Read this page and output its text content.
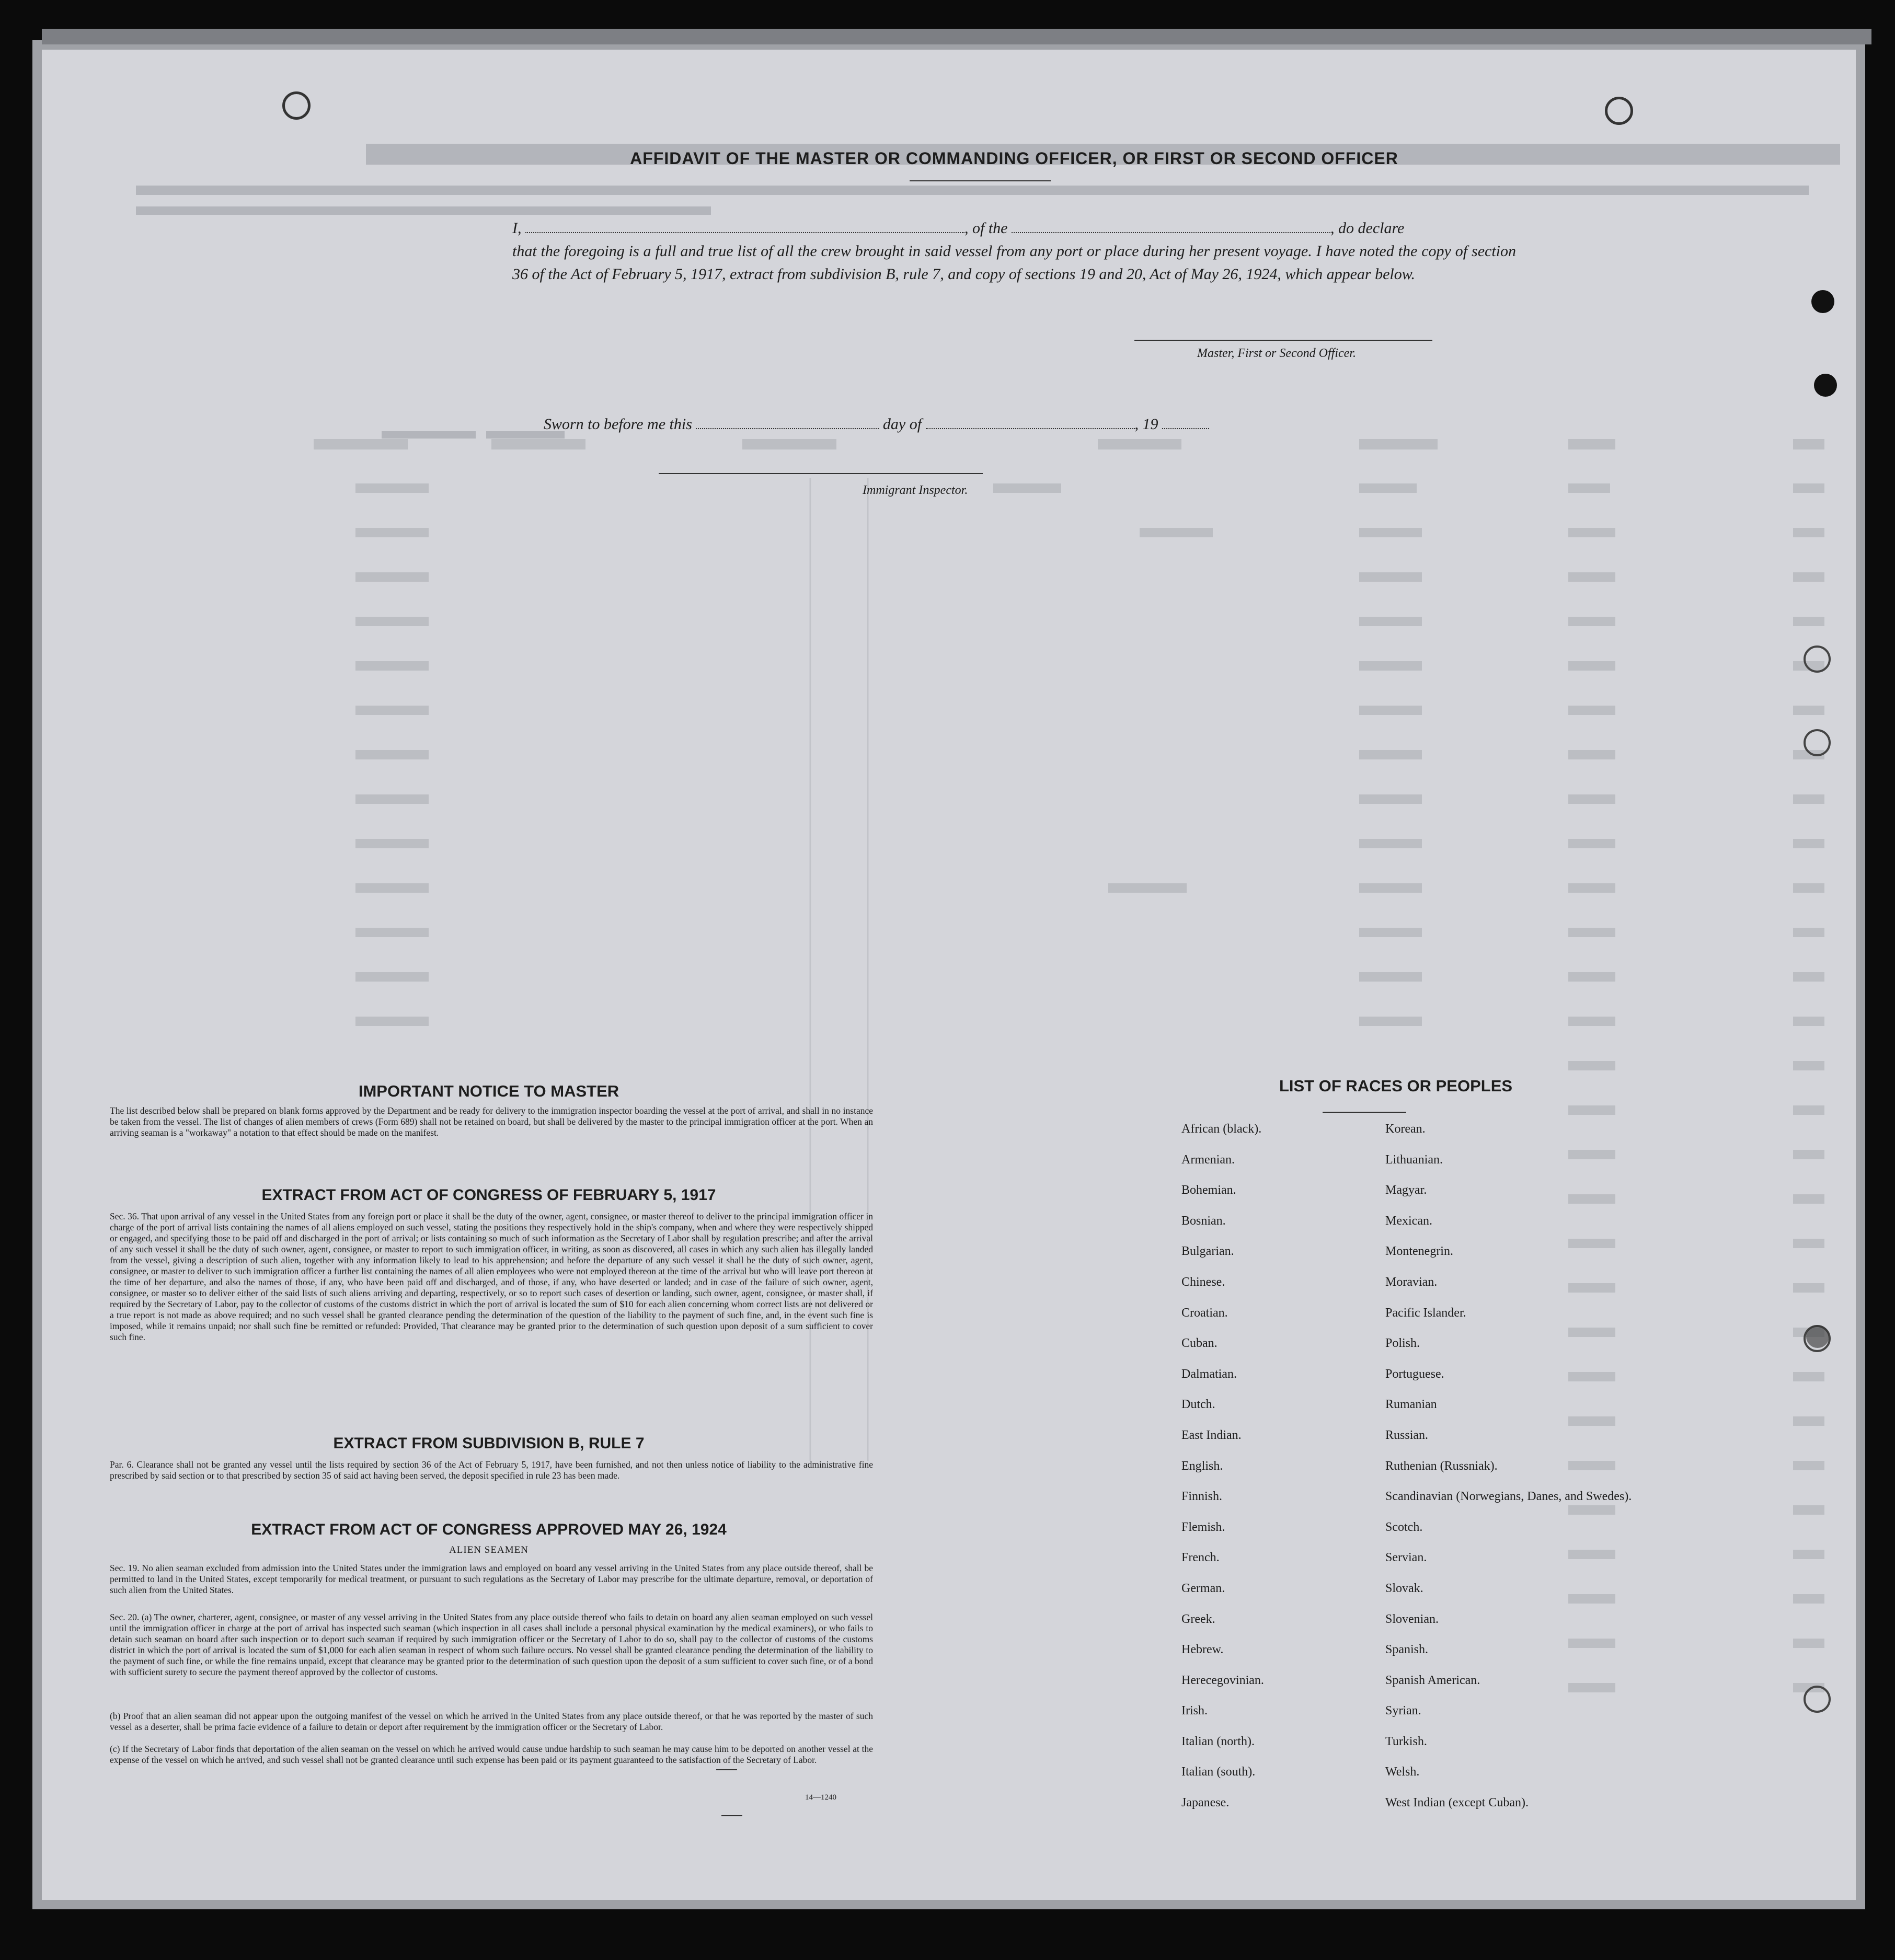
AFFIDAVIT OF THE MASTER OR COMMANDING OFFICER, OR FIRST OR SECOND OFFICER
I,	, of the	, do declare
that the foregoing is a full and true list of all the crew brought in said vessel from any port or place during her present voyage. I have noted the copy of section 36 of the Act of February 5, 1917, extract from subdivision B, rule 7, and copy of sections 19 and 20, Act of May 26, 1924, which appear below.
Master, First or Second Officer.
Sworn to before me this	day of	, 19
Immigrant Inspector.
IMPORTANT NOTICE TO MASTER
The list described below shall be prepared on blank forms approved by the Department and be ready for delivery to the immigration inspector boarding the vessel at the port of arrival, and shall in no instance be taken from the vessel. The list of changes of alien members of crews (Form 689) shall not be retained on board, but shall be delivered by the master to the principal immigration officer at the port. When an arriving seaman is a "workaway" a notation to that effect should be made on the manifest.
EXTRACT FROM ACT OF CONGRESS OF FEBRUARY 5, 1917
Sec. 36. That upon arrival of any vessel in the United States from any foreign port or place it shall be the duty of the owner, agent, consignee, or master thereof to deliver to the principal immigration officer in charge of the port of arrival lists containing the names of all aliens employed on such vessel, stating the positions they respectively hold in the ship's company, when and where they were respectively shipped or engaged, and specifying those to be paid off and discharged in the port of arrival; or lists containing so much of such information as the Secretary of Labor shall by regulation prescribe; and after the arrival of any such vessel it shall be the duty of such owner, agent, consignee, or master to report to such immigration officer, in writing, as soon as discovered, all cases in which any such alien has illegally landed from the vessel, giving a description of such alien, together with any information likely to lead to his apprehension; and before the departure of any such vessel it shall be the duty of such owner, agent, consignee, or master to deliver to such immigration officer a further list containing the names of all alien employees who were not employed thereon at the time of the arrival but who will leave port thereon at the time of her departure, and also the names of those, if any, who have been paid off and discharged, and of those, if any, who have deserted or landed; and in case of the failure of such owner, agent, consignee, or master so to deliver either of the said lists of such aliens arriving and departing, respectively, or so to report such cases of desertion or landing, such owner, agent, consignee, or master shall, if required by the Secretary of Labor, pay to the collector of customs of the customs district in which the port of arrival is located the sum of $10 for each alien concerning whom correct lists are not delivered or a true report is not made as above required; and no such vessel shall be granted clearance pending the determination of the question of the liability to the payment of such fine, and, in the event such fine is imposed, while it remains unpaid; nor shall such fine be remitted or refunded: Provided, That clearance may be granted prior to the determination of such question upon deposit of a sum sufficient to cover such fine.
EXTRACT FROM SUBDIVISION B, RULE 7
Par. 6. Clearance shall not be granted any vessel until the lists required by section 36 of the Act of February 5, 1917, have been furnished, and not then unless notice of liability to the administrative fine prescribed by said section or to that prescribed by section 35 of said act having been served, the deposit specified in rule 23 has been made.
EXTRACT FROM ACT OF CONGRESS APPROVED MAY 26, 1924
ALIEN SEAMEN
Sec. 19. No alien seaman excluded from admission into the United States under the immigration laws and employed on board any vessel arriving in the United States from any place outside thereof, shall be permitted to land in the United States, except temporarily for medical treatment, or pursuant to such regulations as the Secretary of Labor may prescribe for the ultimate departure, removal, or deportation of such alien from the United States.
Sec. 20. (a) The owner, charterer, agent, consignee, or master of any vessel arriving in the United States from any place outside thereof who fails to detain on board any alien seaman employed on such vessel until the immigration officer in charge at the port of arrival has inspected such seaman (which inspection in all cases shall include a personal physical examination by the medical examiners), or who fails to detain such seaman on board after such inspection or to deport such seaman if required by such immigration officer or the Secretary of Labor to do so, shall pay to the collector of customs of the customs district in which the port of arrival is located the sum of $1,000 for each alien seaman in respect of whom such failure occurs. No vessel shall be granted clearance pending the determination of the liability to the payment of such fine, or while the fine remains unpaid, except that clearance may be granted prior to the determination of such question upon the deposit of a sum sufficient to cover such fine, or of a bond with sufficient surety to secure the payment thereof approved by the collector of customs.
(b) Proof that an alien seaman did not appear upon the outgoing manifest of the vessel on which he arrived in the United States from any place outside thereof, or that he was reported by the master of such vessel as a deserter, shall be prima facie evidence of a failure to detain or deport after requirement by the immigration officer or the Secretary of Labor.
(c) If the Secretary of Labor finds that deportation of the alien seaman on the vessel on which he arrived would cause undue hardship to such seaman he may cause him to be deported on another vessel at the expense of the vessel on which he arrived, and such vessel shall not be granted clearance until such expense has been paid or its payment guaranteed to the satisfaction of the Secretary of Labor.
14—1240
LIST OF RACES OR PEOPLES
African (black).
Armenian.
Bohemian.
Bosnian.
Bulgarian.
Chinese.
Croatian.
Cuban.
Dalmatian.
Dutch.
East Indian.
English.
Finnish.
Flemish.
French.
German.
Greek.
Hebrew.
Herecegovinian.
Irish.
Italian (north).
Italian (south).
Japanese.
Korean.
Lithuanian.
Magyar.
Mexican.
Montenegrin.
Moravian.
Pacific Islander.
Polish.
Portuguese.
Rumanian
Russian.
Ruthenian (Russniak).
Scandinavian (Norwegians, Danes, and Swedes).
Scotch.
Servian.
Slovak.
Slovenian.
Spanish.
Spanish American.
Syrian.
Turkish.
Welsh.
West Indian (except Cuban).
